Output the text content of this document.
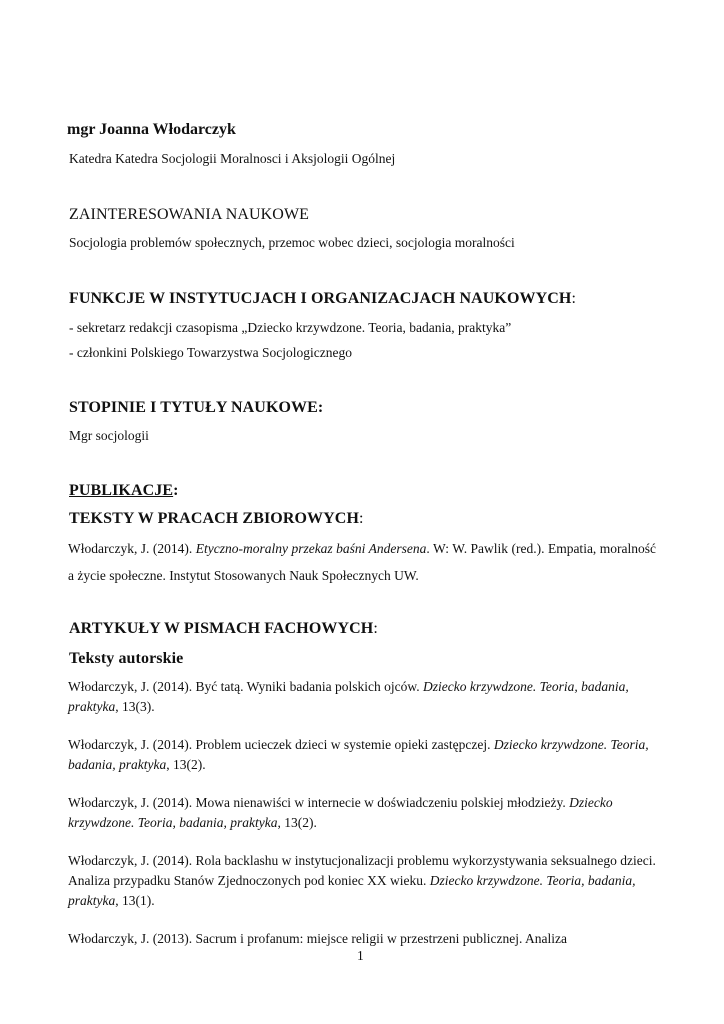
mgr Joanna Włodarczyk
Katedra Katedra Socjologii Moralnosci i Aksjologii Ogólnej
ZAINTERESOWANIA NAUKOWE
Socjologia problemów społecznych, przemoc wobec dzieci, socjologia moralności
FUNKCJE W INSTYTUCJACH I ORGANIZACJACH NAUKOWYCH:
- sekretarz redakcji czasopisma „Dziecko krzywdzone. Teoria, badania, praktyka”
- członkini Polskiego Towarzystwa Socjologicznego
STOPINIE I TYTUŁY NAUKOWE:
Mgr socjologii
PUBLIKACJE:
TEKSTY W PRACACH ZBIOROWYCH:
Włodarczyk, J. (2014). Etyczno-moralny przekaz baśni Andersena. W: W. Pawlik (red.). Empatia, moralność a życie społeczne. Instytut Stosowanych Nauk Społecznych UW.
ARTYKUŁY W PISMACH FACHOWYCH:
Teksty autorskie
Włodarczyk, J. (2014). Być tatą. Wyniki badania polskich ojców. Dziecko krzywdzone. Teoria, badania, praktyka, 13(3).
Włodarczyk, J. (2014). Problem ucieczek dzieci w systemie opieki zastępczej. Dziecko krzywdzone. Teoria, badania, praktyka, 13(2).
Włodarczyk, J. (2014). Mowa nienawiści w internecie w doświadczeniu polskiej młodzieży. Dziecko krzywdzone. Teoria, badania, praktyka, 13(2).
Włodarczyk, J. (2014). Rola backlashu w instytucjonalizacji problemu wykorzystywania seksualnego dzieci. Analiza przypadku Stanów Zjednoczonych pod koniec XX wieku. Dziecko krzywdzone. Teoria, badania, praktyka, 13(1).
Włodarczyk, J. (2013). Sacrum i profanum: miejsce religii w przestrzeni publicznej. Analiza
1
